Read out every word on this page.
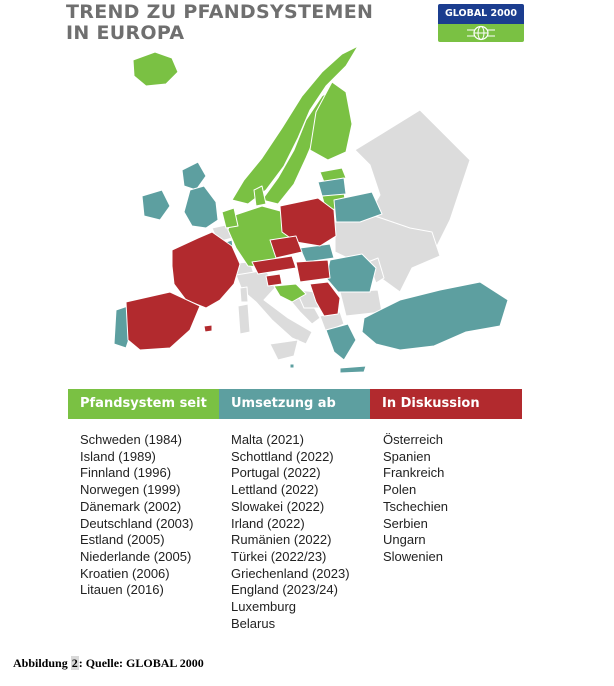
TREND ZU PFANDSYSTEMEN
IN EUROPA
GLOBAL 2000
Pfandsystem seit	Umsetzung ab	In Diskussion
Schweden (1984)
Island (1989)
Finnland (1996)
Norwegen (1999)
Dänemark (2002)
Deutschland (2003)
Estland (2005)
Niederlande (2005)
Kroatien (2006)
Litauen (2016)
Malta (2021)
Schottland (2022)
Portugal (2022)
Lettland (2022)
Slowakei (2022)
Irland (2022)
Rumänien (2022)
Türkei (2022/23)
Griechenland (2023)
England (2023/24)
Luxemburg
Belarus
Österreich
Spanien
Frankreich
Polen
Tschechien
Serbien
Ungarn
Slowenien
Abbildung 2: Quelle: GLOBAL 2000
